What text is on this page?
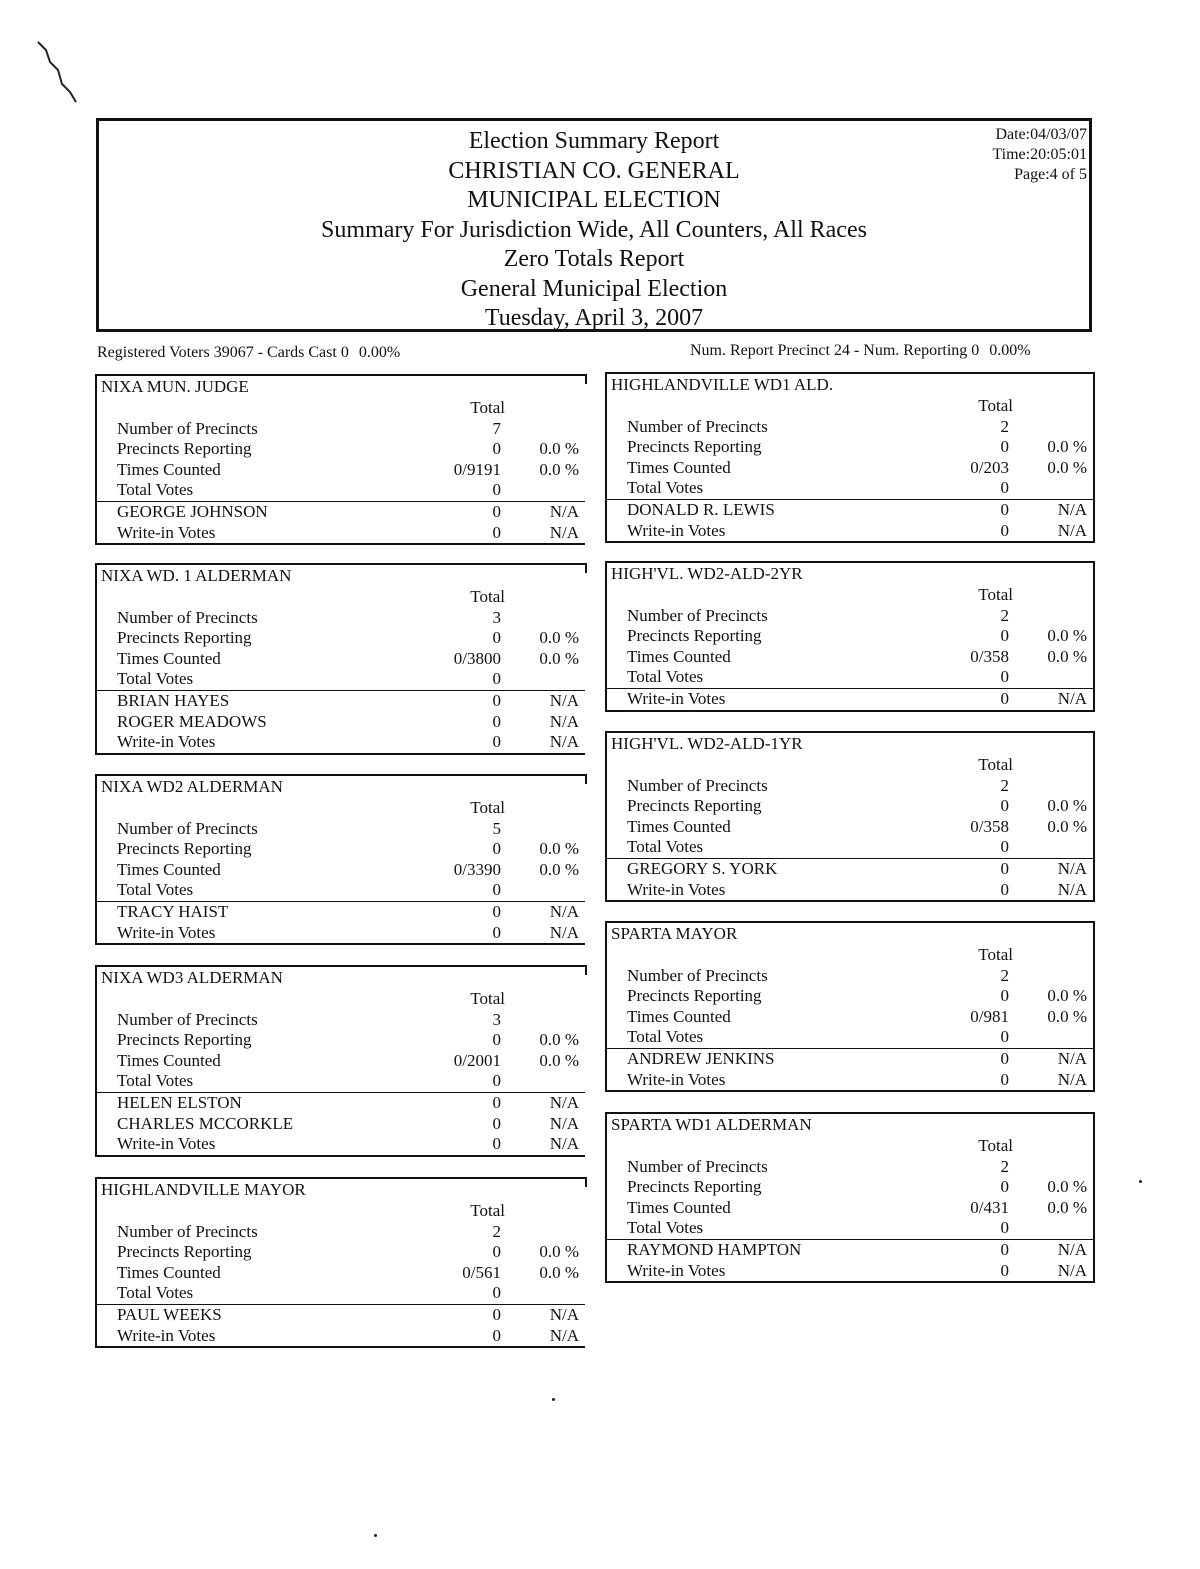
Election Summary Report
CHRISTIAN CO. GENERAL
MUNICIPAL ELECTION
Summary For Jurisdiction Wide, All Counters, All Races
Zero Totals Report
General Municipal Election
Tuesday, April 3, 2007
Date:04/03/07
Time:20:05:01
Page:4 of 5
Registered Voters 39067 - Cards Cast 0 0.00%	Num. Report Precinct 24 - Num. Reporting 0 0.00%
NIXA MUN. JUDGE
Total
Number of Precincts	7
Precincts Reporting	0 0.0 %
Times Counted	0/9191 0.0 %
Total Votes	0
GEORGE JOHNSON	0	N/A
Write-in Votes	0	N/A
NIXA WD. 1 ALDERMAN
Total
Number of Precincts	3
Precincts Reporting	0 0.0 %
Times Counted	0/3800 0.0 %
Total Votes	0
BRIAN HAYES	0	N/A
ROGER MEADOWS	0	N/A
Write-in Votes	0	N/A
NIXA WD2 ALDERMAN
Total
Number of Precincts	5
Precincts Reporting	0 0.0 %
Times Counted	0/3390 0.0 %
Total Votes	0
TRACY HAIST	0	N/A
Write-in Votes	0	N/A
NIXA WD3 ALDERMAN
Total
Number of Precincts	3
Precincts Reporting	0 0.0 %
Times Counted	0/2001 0.0 %
Total Votes	0
HELEN ELSTON	0	N/A
CHARLES MCCORKLE	0	N/A
Write-in Votes	0	N/A
HIGHLANDVILLE MAYOR
Total
Number of Precincts	2
Precincts Reporting	0 0.0 %
Times Counted	0/561 0.0 %
Total Votes	0
PAUL WEEKS	0	N/A
Write-in Votes	0	N/A
HIGHLANDVILLE WD1 ALD.
Total
Number of Precincts	2
Precincts Reporting	0 0.0 %
Times Counted	0/203 0.0 %
Total Votes	0
DONALD R. LEWIS	0	N/A
Write-in Votes	0	N/A
HIGH'VL. WD2-ALD-2YR
Total
Number of Precincts	2
Precincts Reporting	0 0.0 %
Times Counted	0/358 0.0 %
Total Votes	0
Write-in Votes	0	N/A
HIGH'VL. WD2-ALD-1YR
Total
Number of Precincts	2
Precincts Reporting	0 0.0 %
Times Counted	0/358 0.0 %
Total Votes	0
GREGORY S. YORK	0	N/A
Write-in Votes	0	N/A
SPARTA MAYOR
Total
Number of Precincts	2
Precincts Reporting	0 0.0 %
Times Counted	0/981 0.0 %
Total Votes	0
ANDREW JENKINS	0	N/A
Write-in Votes	0	N/A
SPARTA WD1 ALDERMAN
Total
Number of Precincts	2
Precincts Reporting	0 0.0 %
Times Counted	0/431 0.0 %
Total Votes	0
RAYMOND HAMPTON	0	N/A
Write-in Votes	0	N/A
